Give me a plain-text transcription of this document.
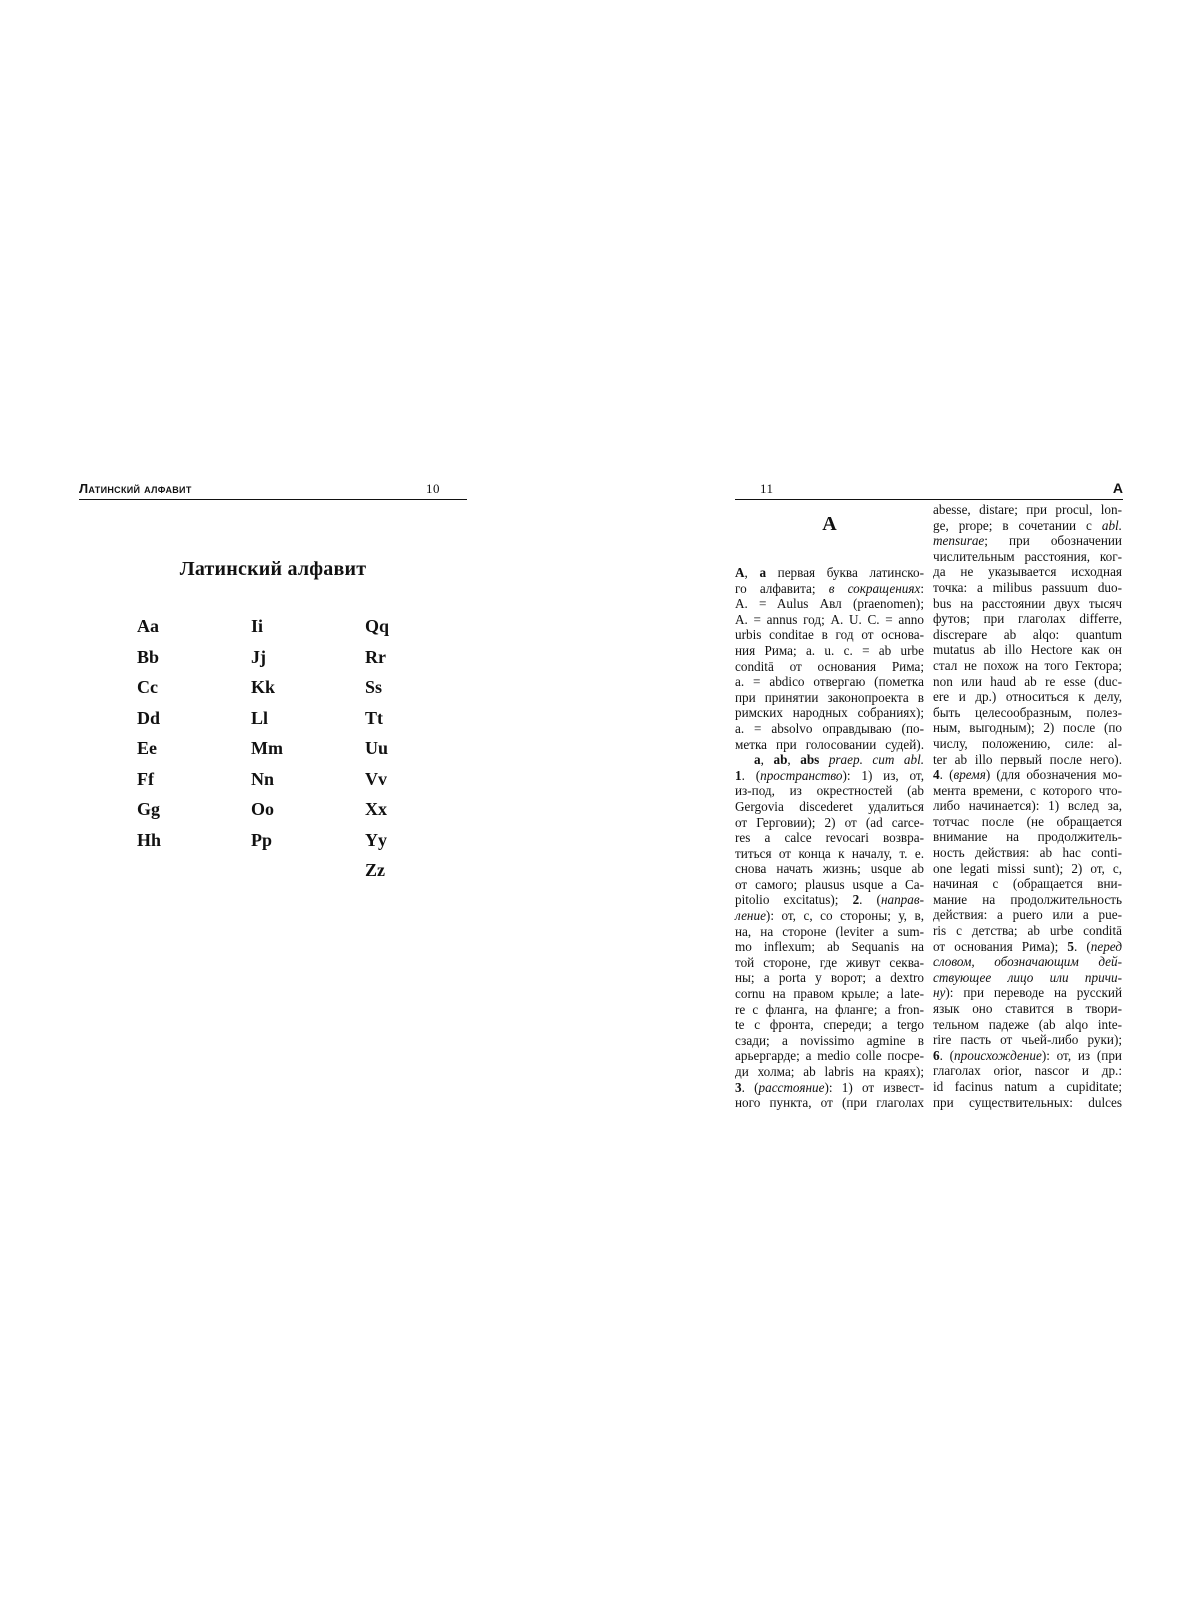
Латинский алфавит	10
Латинский алфавит
Aa
Bb
Cc
Dd
Ee
Ff
Gg
Hh
Ii
Jj
Kk
Ll
Mm
Nn
Oo
Pp
Qq
Rr
Ss
Tt
Uu
Vv
Xx
Yy
Zz
11	A
A
A, a первая буква латинско-
го алфавита; в сокращениях:
A. = Aulus Авл (praenomen);
A. = annus год; A. U. C. = anno
urbis conditae в год от основа-
ния Рима; a. u. c. = ab urbe
conditā от основания Рима;
a. = abdico отвергаю (пометка
при принятии законопроекта в
римских народных собраниях);
a. = absolvo оправдываю (по-
метка при голосовании судей).
a, ab, abs praep. cum abl.
1. (пространство): 1) из, от,
из-под, из окрестностей (ab
Gergovia discederet удалиться
от Герговии); 2) от (ad carce-
res a calce revocari возвра-
титься от конца к началу, т. е.
снова начать жизнь; usque ab
от самого; plausus usque a Ca-
pitolio excitatus); 2. (направ-
ление): от, с, со стороны; у, в,
на, на стороне (leviter a sum-
mo inflexum; ab Sequanis на
той стороне, где живут секва-
ны; a porta у ворот; a dextro
cornu на правом крыле; a late-
re с фланга, на фланге; a fron-
te с фронта, спереди; a tergo
сзади; a novissimo agmine в
арьергарде; a medio colle посре-
ди холма; ab labris на краях);
3. (расстояние): 1) от извест-
ного пункта, от (при глаголах
abesse, distare; при procul, lon-
ge, prope; в сочетании с abl.
mensurae; при обозначении
числительным расстояния, ког-
да не указывается исходная
точка: a milibus passuum duo-
bus на расстоянии двух тысяч
футов; при глаголах differre,
discrepare ab alqo: quantum
mutatus ab illo Hectore как он
стал не похож на того Гектора;
non или haud ab re esse (duc-
ere и др.) относиться к делу,
быть целесообразным, полез-
ным, выгодным); 2) после (по
числу, положению, силе: al-
ter ab illo первый после него).
4. (время) (для обозначения мо-
мента времени, с которого что-
либо начинается): 1) вслед за,
тотчас после (не обращается
внимание на продолжитель-
ность действия: ab hac conti-
one legati missi sunt); 2) от, с,
начиная с (обращается вни-
мание на продолжительность
действия: a puero или a pue-
ris с детства; ab urbe conditā
от основания Рима); 5. (перед
словом, обозначающим дей-
ствующее лицо или причи-
ну): при переводе на русский
язык оно ставится в твори-
тельном падеже (ab alqo inte-
rire пасть от чьей-либо руки);
6. (происхождение): от, из (при
глаголах orior, nascor и др.:
id facinus natum a cupiditate;
при существительных: dulces
